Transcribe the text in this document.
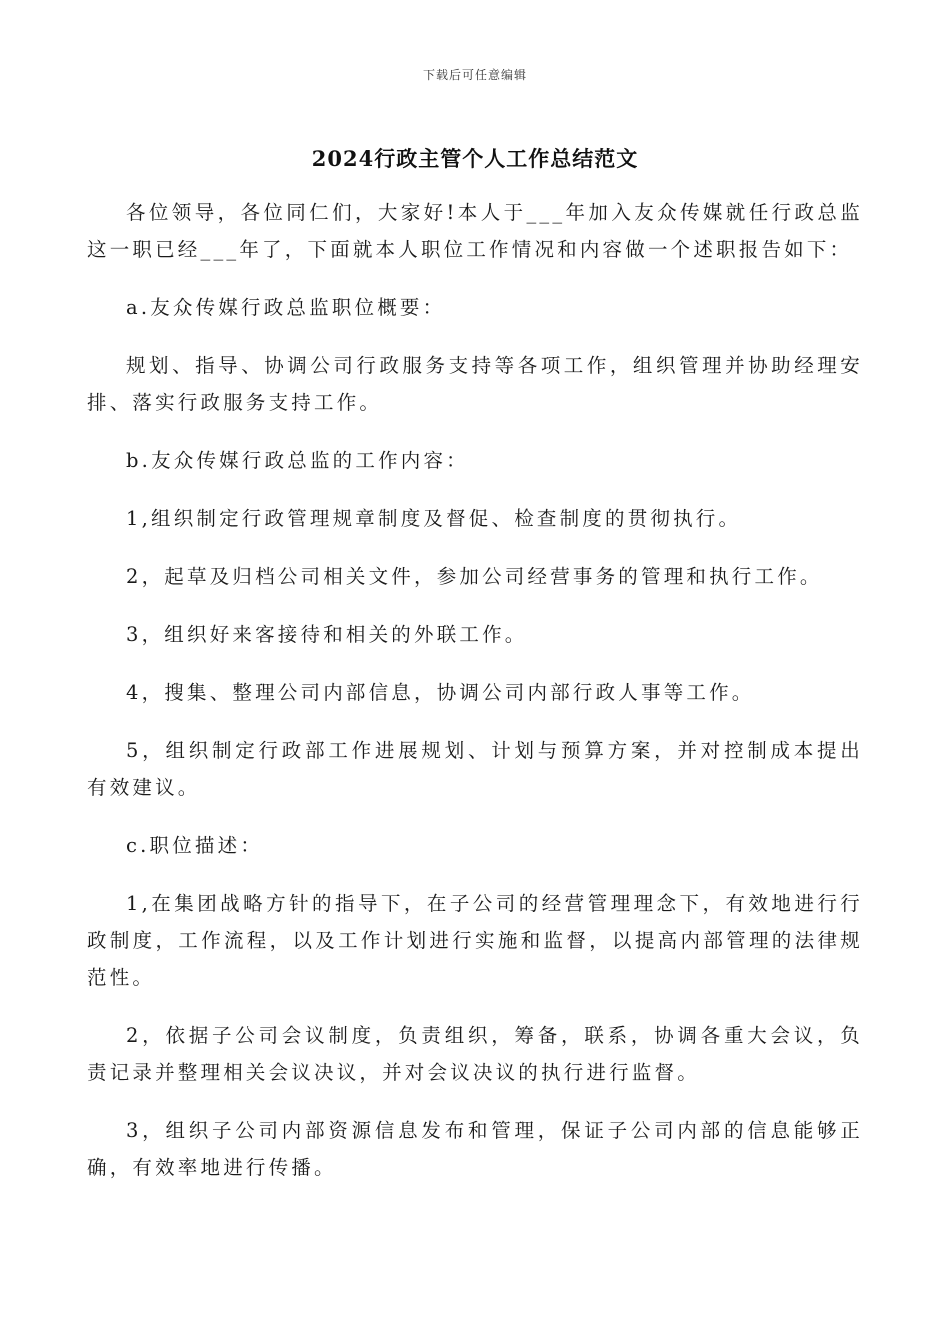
下载后可任意编辑
2024行政主管个人工作总结范文

各位领导，各位同仁们，大家好!本人于___年加入友众传媒就任行政总监这一职已经___年了，下面就本人职位工作情况和内容做一个述职报告如下：

a.友众传媒行政总监职位概要：

规划、指导、协调公司行政服务支持等各项工作，组织管理并协助经理安排、落实行政服务支持工作。

b.友众传媒行政总监的工作内容：

1,组织制定行政管理规章制度及督促、检查制度的贯彻执行。

2，起草及归档公司相关文件，参加公司经营事务的管理和执行工作。

3，组织好来客接待和相关的外联工作。

4，搜集、整理公司内部信息，协调公司内部行政人事等工作。

5，组织制定行政部工作进展规划、计划与预算方案，并对控制成本提出有效建议。

c.职位描述：

1,在集团战略方针的指导下，在子公司的经营管理理念下，有效地进行行政制度，工作流程，以及工作计划进行实施和监督，以提高内部管理的法律规范性。

2，依据子公司会议制度，负责组织，筹备，联系，协调各重大会议，负责记录并整理相关会议决议，并对会议决议的执行进行监督。

3，组织子公司内部资源信息发布和管理，保证子公司内部的信息能够正确，有效率地进行传播。
